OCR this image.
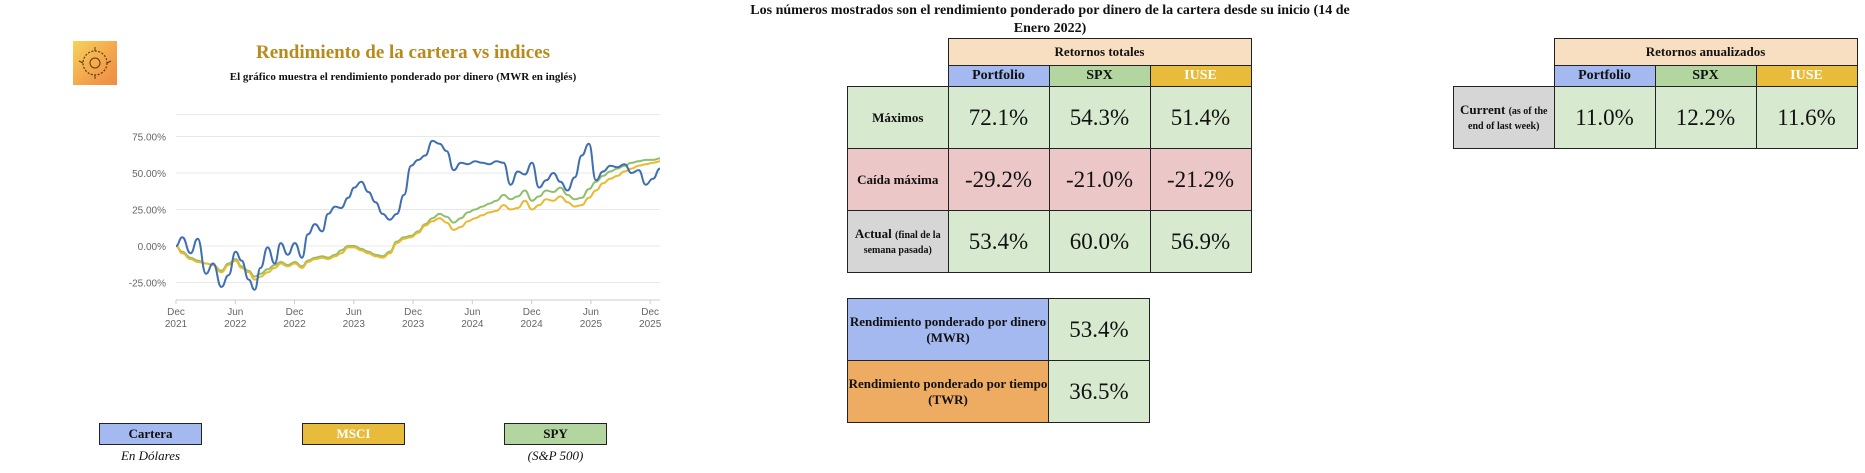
Los números mostrados son el rendimiento ponderado por dinero de la cartera desde su inicio (14 de Enero 2022)
Rendimiento de la cartera vs indices
El gráfico muestra el rendimiento ponderado por dinero (MWR en inglés)
-25.00%
0.00%
25.00%
50.00%
75.00%
Dec
2021
Jun
2022
Dec
2022
Jun
2023
Dec
2023
Jun
2024
Dec
2024
Jun
2025
Dec
2025
Cartera
En Dólares
MSCI	SPY
(S&P 500)
	Retornos totales		
	Portfolio	SPX	IUSE
Máximos	72.1%	54.3%	51.4%
Caída máxima	-29.2%	-21.0%	-21.2%
Actual (final de la semana pasada)	53.4%	60.0%	56.9%
Rendimiento ponderado por dinero (MWR)	53.4%
Rendimiento ponderado por tiempo (TWR)	36.5%
	Retornos anualizados		
	Portfolio	SPX	IUSE
Current (as of the end of last week)	11.0%	12.2%	11.6%
